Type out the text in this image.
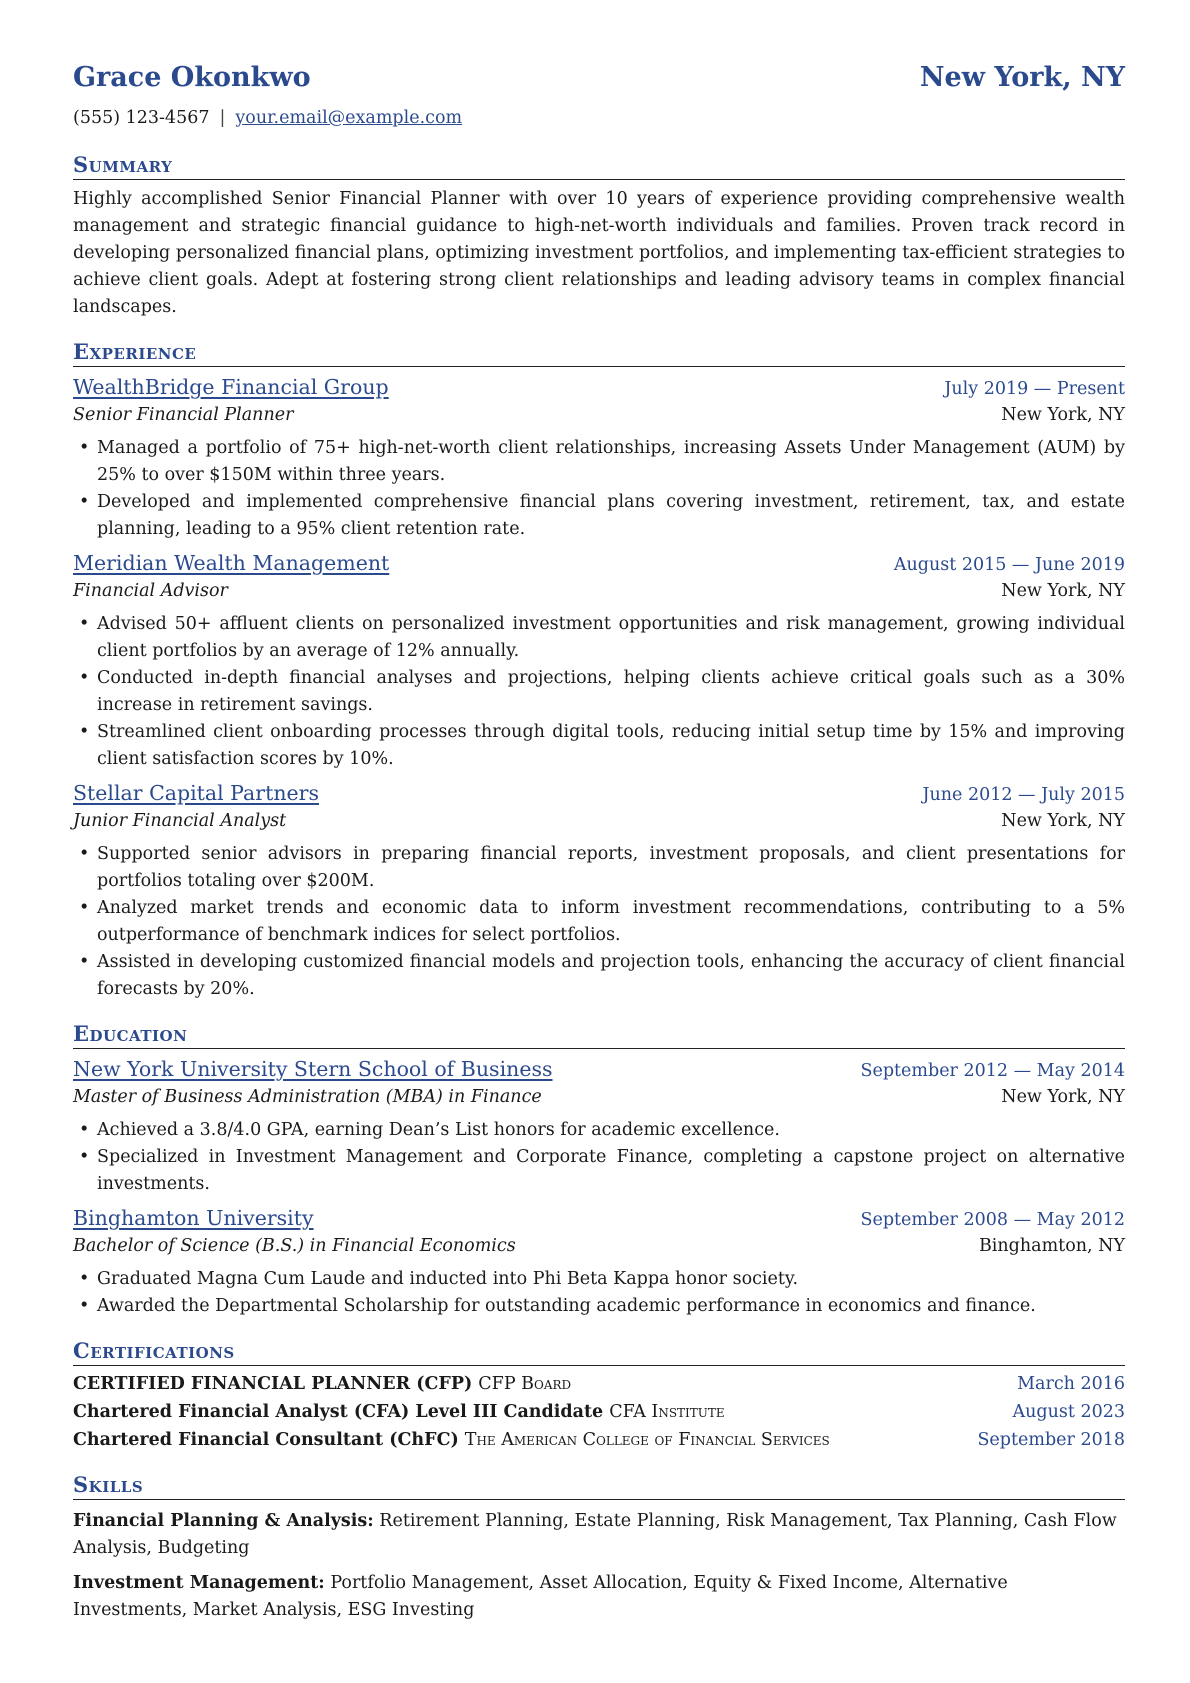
Grace Okonkwo	New York, NY
(555) 123-4567 | your.email@example.com
Summary

Highly accomplished Senior Financial Planner with over 10 years of experience providing comprehensive wealth management and strategic financial guidance to high-net-worth individuals and families. Proven track record in developing personalized financial plans, optimizing investment portfolios, and implementing tax-efficient strategies to achieve client goals. Adept at fostering strong client relationships and leading advisory teams in complex financial landscapes.

Experience
WealthBridge Financial Group	July 2019 — Present
Senior Financial Planner	New York, NY
• Managed a portfolio of 75+ high-net-worth client relationships, increasing Assets Under Management (AUM) by 25% to over $150M within three years.
• Developed and implemented comprehensive financial plans covering investment, retirement, tax, and estate planning, leading to a 95% client retention rate.
Meridian Wealth Management	August 2015 — June 2019
Financial Advisor	New York, NY
• Advised 50+ affluent clients on personalized investment opportunities and risk management, growing individual client portfolios by an average of 12% annually.
• Conducted in-depth financial analyses and projections, helping clients achieve critical goals such as a 30% increase in retirement savings.
• Streamlined client onboarding processes through digital tools, reducing initial setup time by 15% and improving client satisfaction scores by 10%.
Stellar Capital Partners	June 2012 — July 2015
Junior Financial Analyst	New York, NY
• Supported senior advisors in preparing financial reports, investment proposals, and client presentations for portfolios totaling over $200M.
• Analyzed market trends and economic data to inform investment recommendations, contributing to a 5% outperformance of benchmark indices for select portfolios.
• Assisted in developing customized financial models and projection tools, enhancing the accuracy of client financial forecasts by 20%.
Education
New York University Stern School of Business	September 2012 — May 2014
Master of Business Administration (MBA) in Finance	New York, NY
• Achieved a 3.8/4.0 GPA, earning Dean’s List honors for academic excellence.
• Specialized in Investment Management and Corporate Finance, completing a capstone project on alternative investments.
Binghamton University	September 2008 — May 2012
Bachelor of Science (B.S.) in Financial Economics	Binghamton, NY
• Graduated Magna Cum Laude and inducted into Phi Beta Kappa honor society.
• Awarded the Departmental Scholarship for outstanding academic performance in economics and finance.
Certifications
CERTIFIED FINANCIAL PLANNER (CFP) CFP Board	March 2016
Chartered Financial Analyst (CFA) Level III Candidate CFA Institute	August 2023
Chartered Financial Consultant (ChFC) The American College of Financial Services	September 2018
Skills

Financial Planning & Analysis: Retirement Planning, Estate Planning, Risk Management, Tax Planning, Cash Flow Analysis, Budgeting

Investment Management: Portfolio Management, Asset Allocation, Equity & Fixed Income, Alternative Investments, Market Analysis, ESG Investing
